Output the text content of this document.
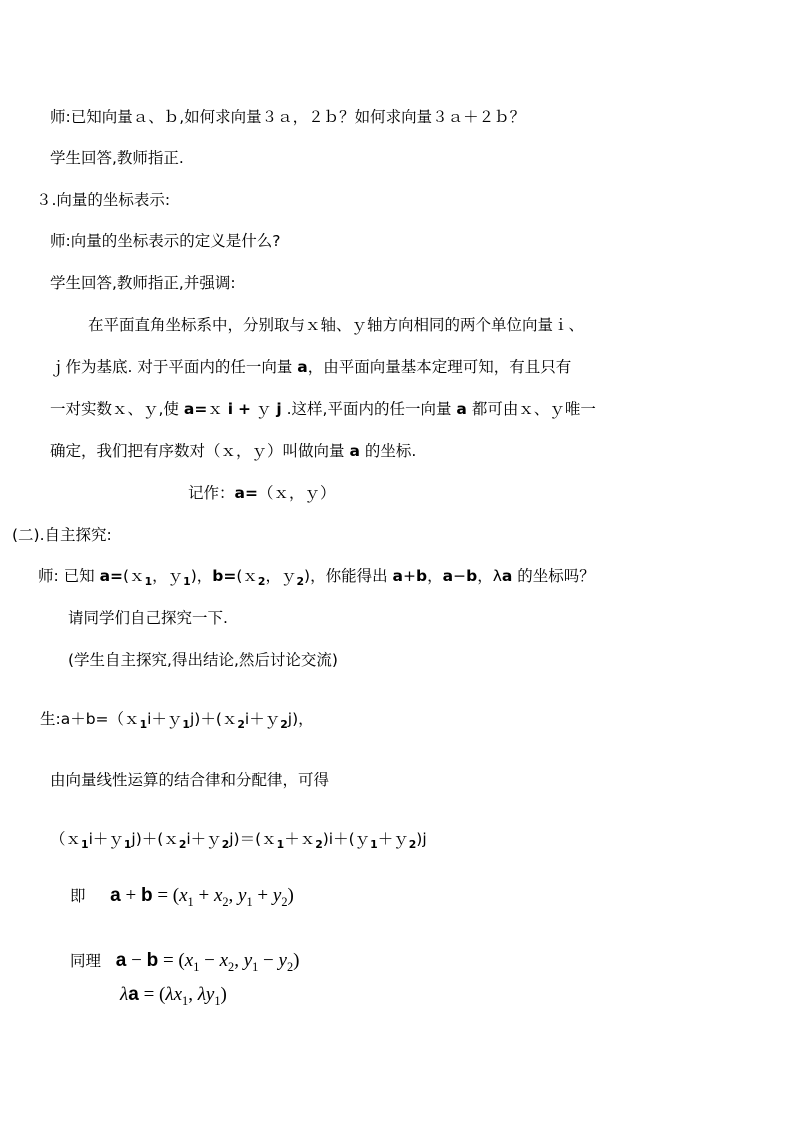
师:已知向量ａ、ｂ,如何求向量３ａ，２ｂ？如何求向量３ａ＋２ｂ？
学生回答,教师指正.
３.向量的坐标表示:
师:向量的坐标表示的定义是什么?
学生回答,教师指正,并强调:
在平面直角坐标系中，分别取与ｘ轴、ｙ轴方向相同的两个单位向量ｉ、
ｊ作为基底. 对于平面内的任一向量 a，由平面向量基本定理可知，有且只有
一对实数ｘ、ｙ,使 a=ｘ i + ｙ j .这样,平面内的任一向量 a 都可由ｘ、ｙ唯一
确定，我们把有序数对（ｘ，ｙ）叫做向量 a 的坐标.
记作：a=（ｘ，ｙ）
(二).自主探究:
师: 已知 a=(ｘ$_1$，ｙ$_1$)，b=(ｘ$_2$，ｙ$_2$)，你能得出 a+b，a−b，λa 的坐标吗？
请同学们自己探究一下.
(学生自主探究,得出结论,然后讨论交流)
生:a＋b=（ｘ$_1$i＋ｙ$_1$j)＋(ｘ$_2$i＋ｙ$_2$j)，
由向量线性运算的结合律和分配律，可得
（ｘ$_1$i＋ｙ$_1$j)＋(ｘ$_2$i＋ｙ$_2$j)＝(ｘ$_1$＋ｘ$_2$)i＋(ｙ$_1$＋ｙ$_2$)j
即 $a + b = (x_1 + x_2$, $y_1 + y_2$)
同理 $a - b = (x_1 - x_2$, $y_1 - y_2$)
$\lambda a = (\lambda x_1$, $\lambda y_1$)
